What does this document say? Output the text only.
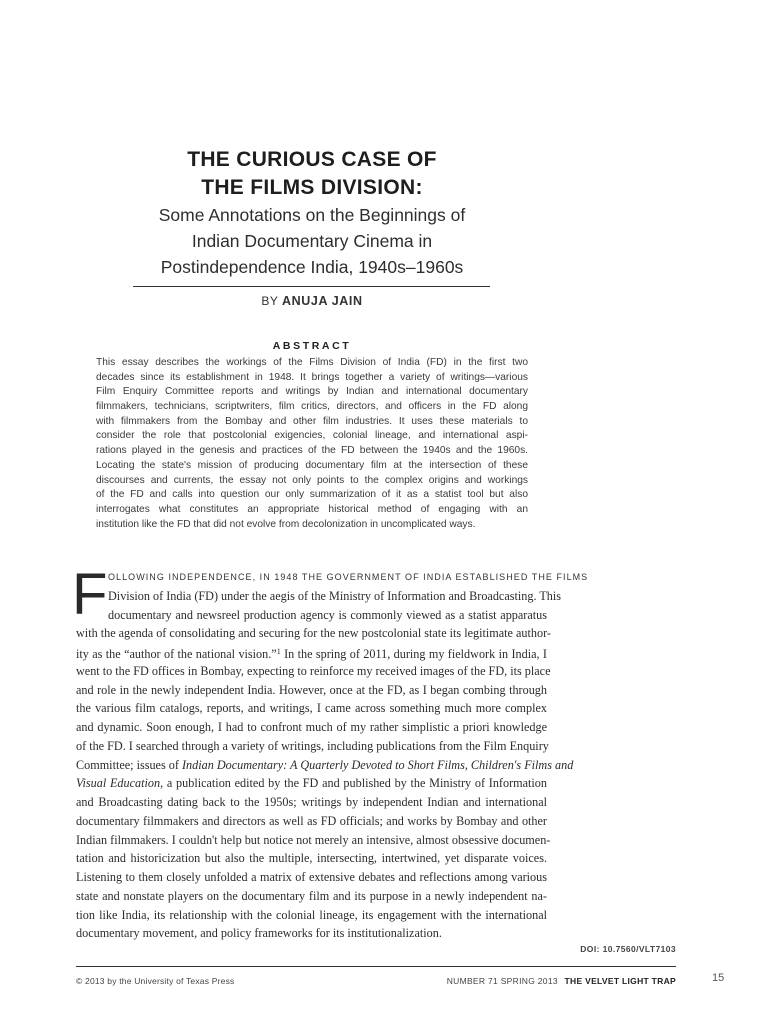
THE CURIOUS CASE OF
THE FILMS DIVISION:
Some Annotations on the Beginnings of
Indian Documentary Cinema in
Postindependence India, 1940s–1960s
BY ANUJA JAIN
ABSTRACT
This essay describes the workings of the Films Division of India (FD) in the first two
decades since its establishment in 1948. It brings together a variety of writings—various
Film Enquiry Committee reports and writings by Indian and international documentary
filmmakers, technicians, scriptwriters, film critics, directors, and officers in the FD along
with filmmakers from the Bombay and other film industries. It uses these materials to
consider the role that postcolonial exigencies, colonial lineage, and international aspi-
rations played in the genesis and practices of the FD between the 1940s and the 1960s.
Locating the state's mission of producing documentary film at the intersection of these
discourses and currents, the essay not only points to the complex origins and workings
of the FD and calls into question our only summarization of it as a statist tool but also
interrogates what constitutes an appropriate historical method of engaging with an
institution like the FD that did not evolve from decolonization in uncomplicated ways.
F OLLOWING INDEPENDENCE, IN 1948 THE GOVERNMENT OF INDIA ESTABLISHED THE FILMS
Division of India (FD) under the aegis of the Ministry of Information and Broadcasting. This
documentary and newsreel production agency is commonly viewed as a statist apparatus
with the agenda of consolidating and securing for the new postcolonial state its legitimate author-
ity as the “author of the national vision.”$^1$ In the spring of 2011, during my fieldwork in India, I
went to the FD offices in Bombay, expecting to reinforce my received images of the FD, its place
and role in the newly independent India. However, once at the FD, as I began combing through
the various film catalogs, reports, and writings, I came across something much more complex
and dynamic. Soon enough, I had to confront much of my rather simplistic a priori knowledge
of the FD. I searched through a variety of writings, including publications from the Film Enquiry
Committee; issues of Indian Documentary: A Quarterly Devoted to Short Films, Children's Films and
Visual Education, a publication edited by the FD and published by the Ministry of Information
and Broadcasting dating back to the 1950s; writings by independent Indian and international
documentary filmmakers and directors as well as FD officials; and works by Bombay and other
Indian filmmakers. I couldn't help but notice not merely an intensive, almost obsessive documen-
tation and historicization but also the multiple, intersecting, intertwined, yet disparate voices.
Listening to them closely unfolded a matrix of extensive debates and reflections among various
state and nonstate players on the documentary film and its purpose in a newly independent na-
tion like India, its relationship with the colonial lineage, its engagement with the international
documentary movement, and policy frameworks for its institutionalization.
DOI: 10.7560/VLT7103
© 2013 by the University of Texas Press	NUMBER 71 SPRING 2013 THE VELVET LIGHT TRAP	15
